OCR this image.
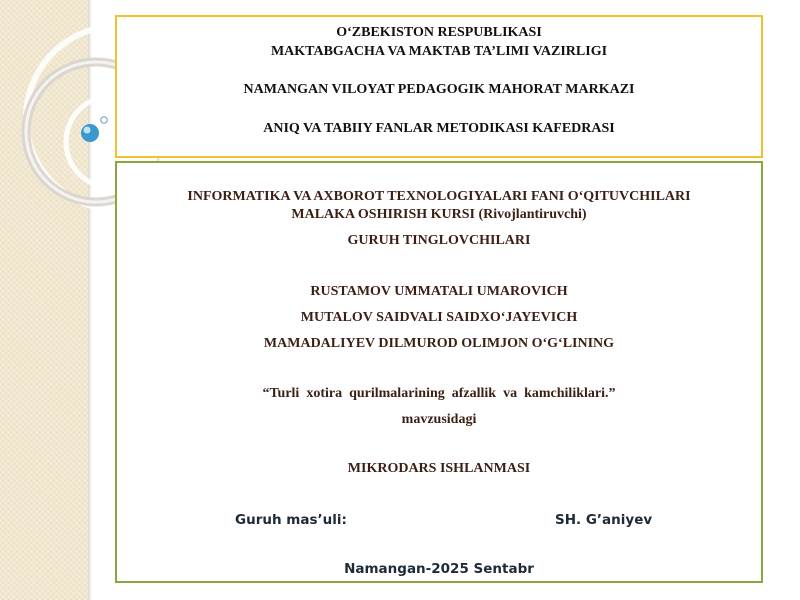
O‘ZBEKISTON RESPUBLIKASI
MAKTABGACHA VA MAKTAB TA’LIMI VAZIRLIGI
NAMANGAN VILOYAT PEDAGOGIK MAHORAT MARKAZI
ANIQ VA TABIIY FANLAR METODIKASI KAFEDRASI
INFORMATIKA VA AXBOROT TEXNOLOGIYALARI FANI O‘QITUVCHILARI
MALAKA OSHIRISH KURSI (Rivojlantiruvchi)
GURUH TINGLOVCHILARI
RUSTAMOV UMMATALI UMAROVICH
MUTALOV SAIDVALI SAIDXO‘JAYEVICH
MAMADALIYEV DILMUROD OLIMJON O‘G‘LINING
“Turli  xotira  qurilmalarining  afzallik  va  kamchiliklari.”
mavzusidagi
MIKRODARS ISHLANMASI
Guruh mas’uli:	SH. G’aniyev
Namangan-2025 Sentabr
